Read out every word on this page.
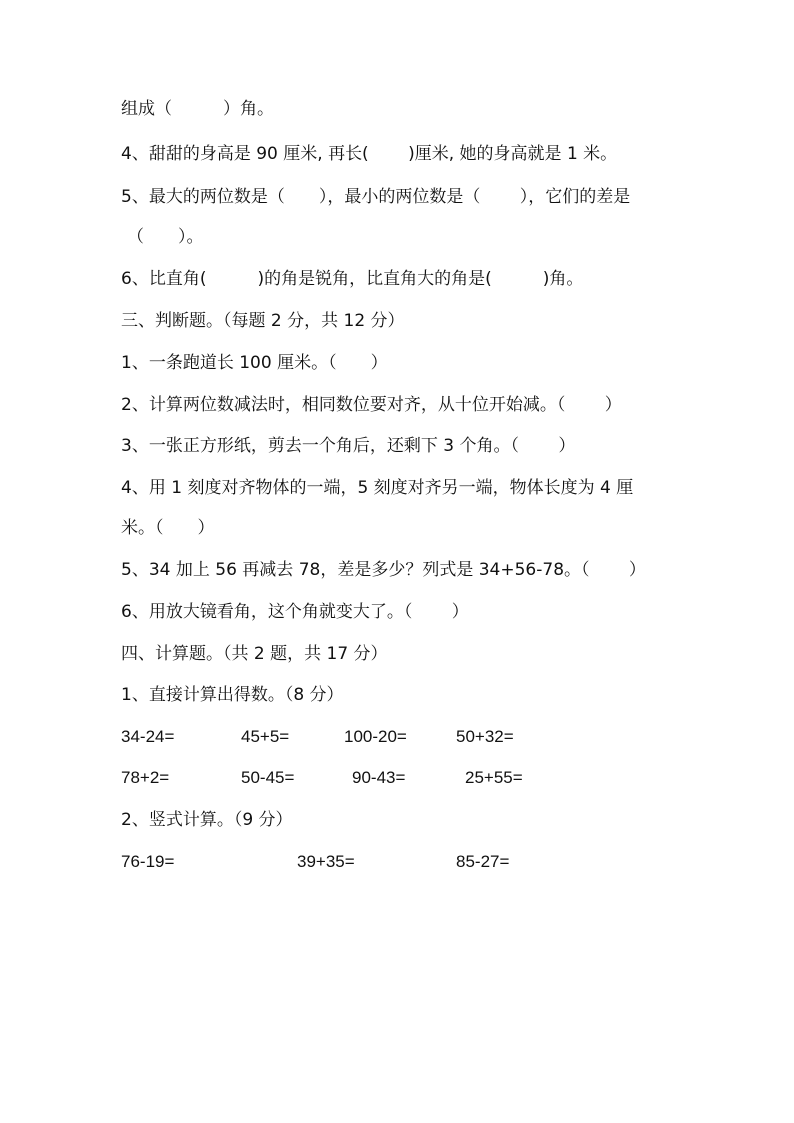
组成（　　　）角。
4、甜甜的身高是 90 厘米, 再长(　　 )厘米, 她的身高就是 1 米。
5、最大的两位数是（　　），最小的两位数是（　　 ），它们的差是
（　　）。
6、比直角(　　　)的角是锐角，比直角大的角是(　　　)角。
三、判断题。（每题 2 分，共 12 分）
1、一条跑道长 100 厘米。（　　）
2、计算两位数减法时，相同数位要对齐，从十位开始减。（　　 ）
3、一张正方形纸，剪去一个角后，还剩下 3 个角。（　　 ）
4、用 1 刻度对齐物体的一端，5 刻度对齐另一端，物体长度为 4 厘
米。（　　）
5、34 加上 56 再减去 78，差是多少？列式是 34+56-78。（　　 ）
6、用放大镜看角，这个角就变大了。（　　 ）
四、计算题。（共 2 题，共 17 分）
1、直接计算出得数。（8 分）
34-24=	45+5=	100-20=	50+32=
78+2=	50-45=	90-43=	25+55=
2、竖式计算。（9 分）
76-19=	39+35=	85-27=
